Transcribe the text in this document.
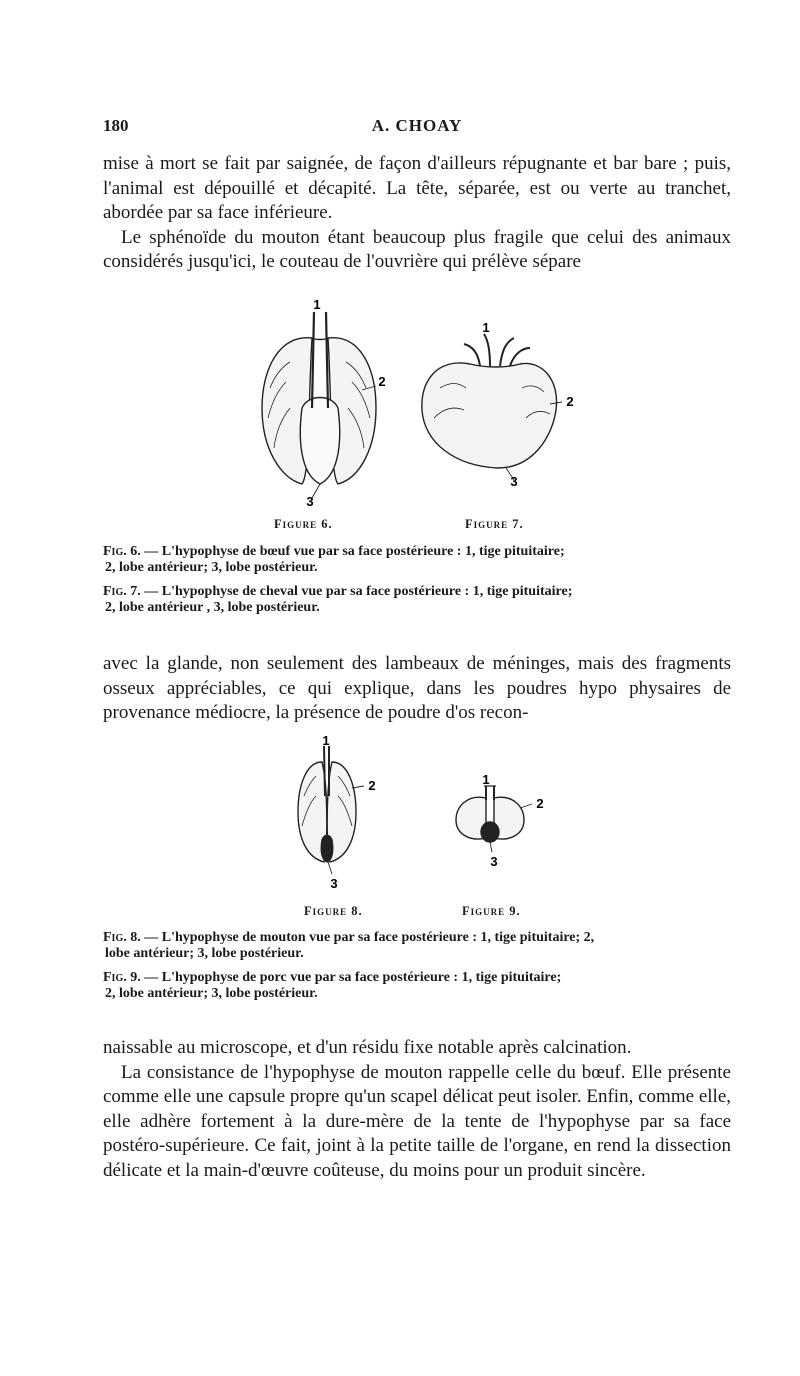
180	A. CHOAY

mise à mort se fait par saignée, de façon d'ailleurs répugnante et bar bare ; puis, l'animal est dépouillé et décapité. La tête, séparée, est ou verte au tranchet, abordée par sa face inférieure.

Le sphénoïde du mouton étant beaucoup plus fragile que celui des animaux considérés jusqu'ici, le couteau de l'ouvrière qui prélève sépare

1
2
3
1
2
3
Figure 6.	Figure 7.
Fig. 6. — L'hypophyse de bœuf vue par sa face postérieure : 1, tige pituitaire;
2, lobe antérieur; 3, lobe postérieur.
Fig. 7. — L'hypophyse de cheval vue par sa face postérieure : 1, tige pituitaire;
2, lobe antérieur , 3, lobe postérieur.

avec la glande, non seulement des lambeaux de méninges, mais des fragments osseux appréciables, ce qui explique, dans les poudres hypo physaires de provenance médiocre, la présence de poudre d'os recon-

1
2
3
1
2
3
Figure 8.	Figure 9.
Fig. 8. — L'hypophyse de mouton vue par sa face postérieure : 1, tige pituitaire; 2,
lobe antérieur; 3, lobe postérieur.
Fig. 9. — L'hypophyse de porc vue par sa face postérieure : 1, tige pituitaire;
2, lobe antérieur; 3, lobe postérieur.

naissable au microscope, et d'un résidu fixe notable après calcination.

La consistance de l'hypophyse de mouton rappelle celle du bœuf. Elle présente comme elle une capsule propre qu'un scapel délicat peut isoler. Enfin, comme elle, elle adhère fortement à la dure-mère de la tente de l'hypophyse par sa face postéro-supérieure. Ce fait, joint à la petite taille de l'organe, en rend la dissection délicate et la main-d'œuvre coûteuse, du moins pour un produit sincère.
